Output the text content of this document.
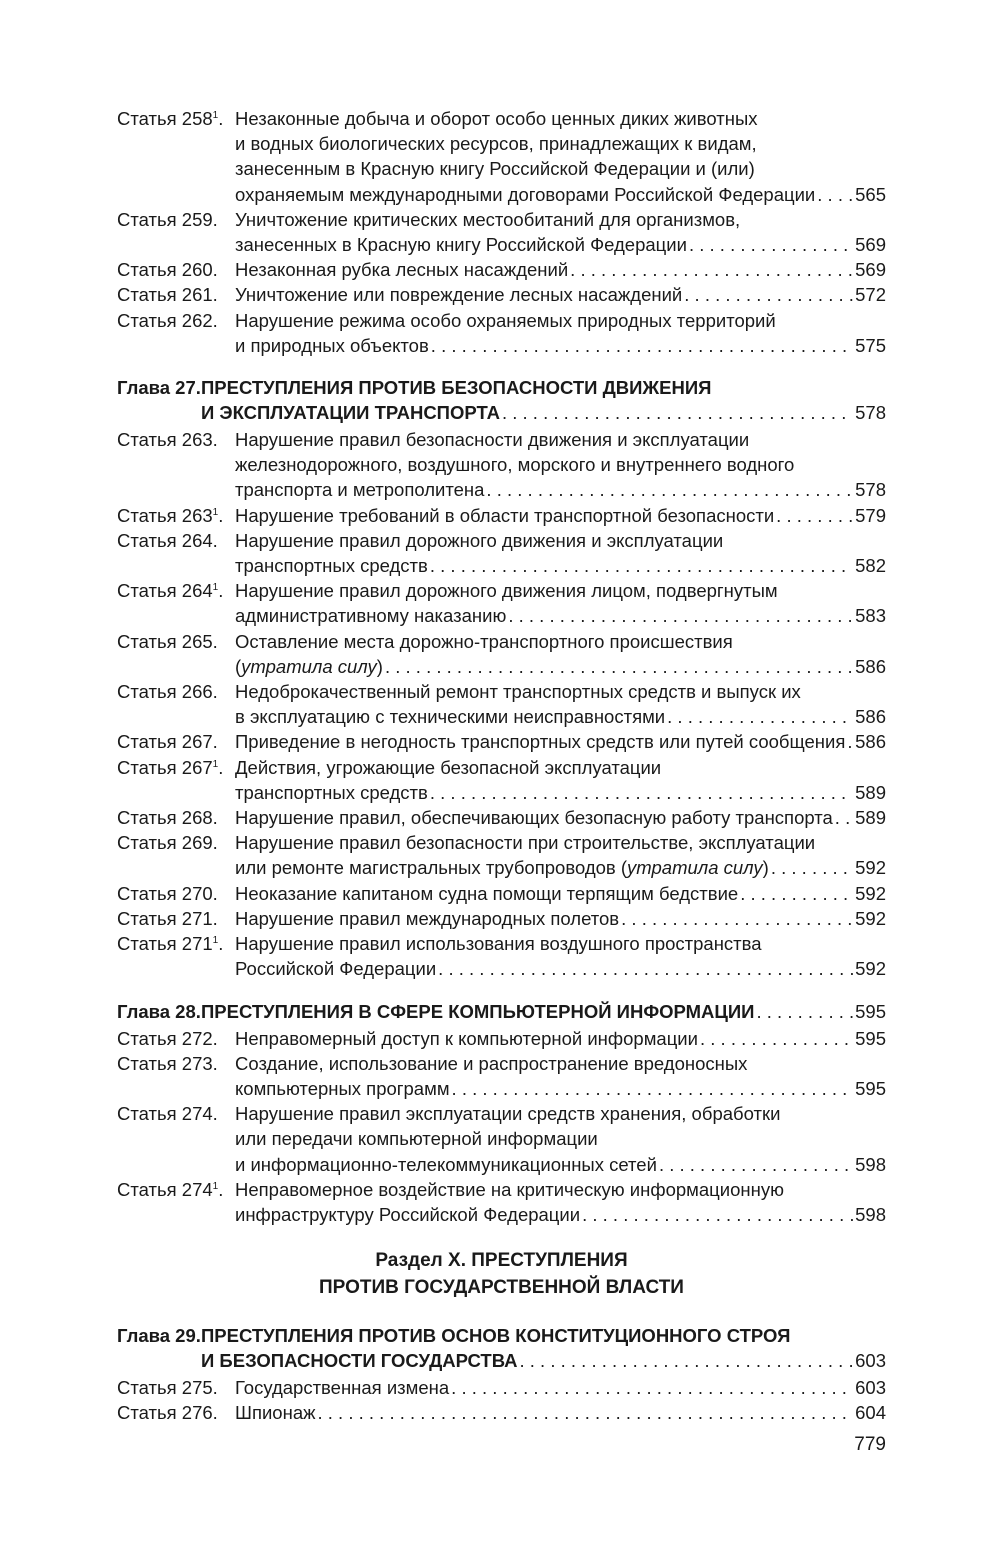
Статья $258^1$. Незаконные добыча и оборот особо ценных диких животных
и водных биологических ресурсов, принадлежащих к видам,
занесенным в Красную книгу Российской Федерации и (или)
охраняемым международными договорами Российской Федерации . . . 565
Статья 259. Уничтожение критических местообитаний для организмов,
занесенных в Красную книгу Российской Федерации . . .	569
Статья 260. Незаконная рубка лесных насаждений . . .	569
Статья 261. Уничтожение или повреждение лесных насаждений . . .	572
Статья 262. Нарушение режима особо охраняемых природных территорий
и природных объектов . . .	575
Глава 27. ПРЕСТУПЛЕНИЯ ПРОТИВ БЕЗОПАСНОСТИ ДВИЖЕНИЯ
И ЭКСПЛУАТАЦИИ ТРАНСПОРТА . . .	578
Статья 263. Нарушение правил безопасности движения и эксплуатации
железнодорожного, воздушного, морского и внутреннего водного
транспорта и метрополитена . . .	578
Статья $263^1$. Нарушение требований в области транспортной безопасности . . .	579
Статья 264. Нарушение правил дорожного движения и эксплуатации
транспортных средств . . .	582
Статья $264^1$. Нарушение правил дорожного движения лицом, подвергнутым
административному наказанию . . .	583
Статья 265. Оставление места дорожно-транспортного происшествия
(утратила силу) . . .	586
Статья 266. Недоброкачественный ремонт транспортных средств и выпуск их
в эксплуатацию с техническими неисправностями . . .	586
Статья 267. Приведение в негодность транспортных средств или путей сообщения . . . 586
Статья $267^1$. Действия, угрожающие безопасной эксплуатации
транспортных средств . . .	589
Статья 268. Нарушение правил, обеспечивающих безопасную работу транспорта . . . 589
Статья 269. Нарушение правил безопасности при строительстве, эксплуатации
или ремонте магистральных трубопроводов (утратила силу) . . .	592
Статья 270. Неоказание капитаном судна помощи терпящим бедствие . . .	592
Статья 271. Нарушение правил международных полетов . . .	592
Статья $271^1$. Нарушение правил использования воздушного пространства
Российской Федерации . . .	592
Глава 28. ПРЕСТУПЛЕНИЯ В СФЕРЕ КОМПЬЮТЕРНОЙ ИНФОРМАЦИИ . . .	595
Статья 272. Неправомерный доступ к компьютерной информации . . .	595
Статья 273. Создание, использование и распространение вредоносных
компьютерных программ . . .	595
Статья 274. Нарушение правил эксплуатации средств хранения, обработки
или передачи компьютерной информации
и информационно-телекоммуникационных сетей . . .	598
Статья $274^1$. Неправомерное воздействие на критическую информационную
инфраструктуру Российской Федерации . . .	598
Раздел X. ПРЕСТУПЛЕНИЯ
ПРОТИВ ГОСУДАРСТВЕННОЙ ВЛАСТИ
Глава 29. ПРЕСТУПЛЕНИЯ ПРОТИВ ОСНОВ КОНСТИТУЦИОННОГО СТРОЯ
И БЕЗОПАСНОСТИ ГОСУДАРСТВА . . .	603
Статья 275. Государственная измена . . .	603
Статья 276. Шпионаж . . .	604
779
